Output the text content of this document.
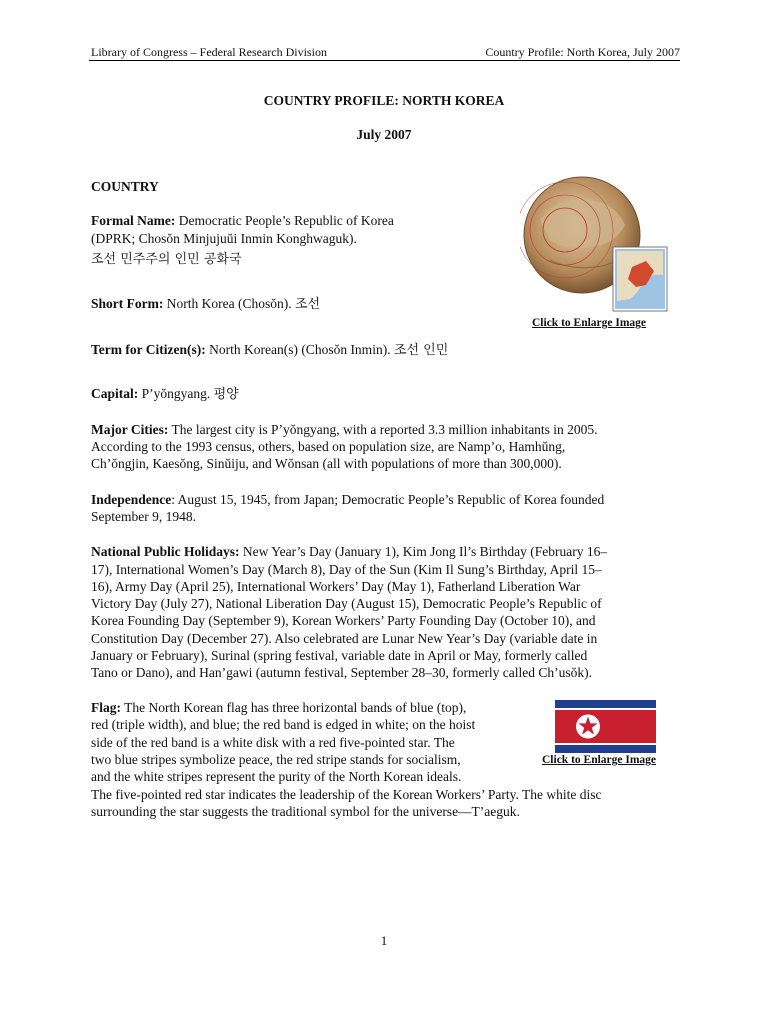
Library of Congress – Federal Research Division	Country Profile: North Korea, July 2007
COUNTRY PROFILE: NORTH KOREA
July 2007
COUNTRY
Formal Name: Democratic People’s Republic of Korea
(DPRK; Chosŏn Minjujuŭi Inmin Konghwaguk).
조선 민주주의 인민 공화국
Short Form: North Korea (Chosŏn). 조선
Term for Citizen(s): North Korean(s) (Chosŏn Inmin). 조선 인민
Capital: P’yŏngyang. 평양
Major Cities: The largest city is P’yŏngyang, with a reported 3.3 million inhabitants in 2005.
According to the 1993 census, others, based on population size, are Namp’o, Hamhŭng,
Ch’ŏngjin, Kaesŏng, Sinŭiju, and Wŏnsan (all with populations of more than 300,000).
Independence: August 15, 1945, from Japan; Democratic People’s Republic of Korea founded
September 9, 1948.
National Public Holidays: New Year’s Day (January 1), Kim Jong Il’s Birthday (February 16–
17), International Women’s Day (March 8), Day of the Sun (Kim Il Sung’s Birthday, April 15–
16), Army Day (April 25), International Workers’ Day (May 1), Fatherland Liberation War
Victory Day (July 27), National Liberation Day (August 15), Democratic People’s Republic of
Korea Founding Day (September 9), Korean Workers’ Party Founding Day (October 10), and
Constitution Day (December 27). Also celebrated are Lunar New Year’s Day (variable date in
January or February), Surinal (spring festival, variable date in April or May, formerly called
Tano or Dano), and Han’gawi (autumn festival, September 28–30, formerly called Ch’usŏk).
Flag: The North Korean flag has three horizontal bands of blue (top),
red (triple width), and blue; the red band is edged in white; on the hoist
side of the red band is a white disk with a red five-pointed star. The
two blue stripes symbolize peace, the red stripe stands for socialism,
and the white stripes represent the purity of the North Korean ideals.
The five-pointed red star indicates the leadership of the Korean Workers’ Party. The white disc
surrounding the star suggests the traditional symbol for the universe—T’aeguk.
Click to Enlarge Image
Click to Enlarge Image
1
